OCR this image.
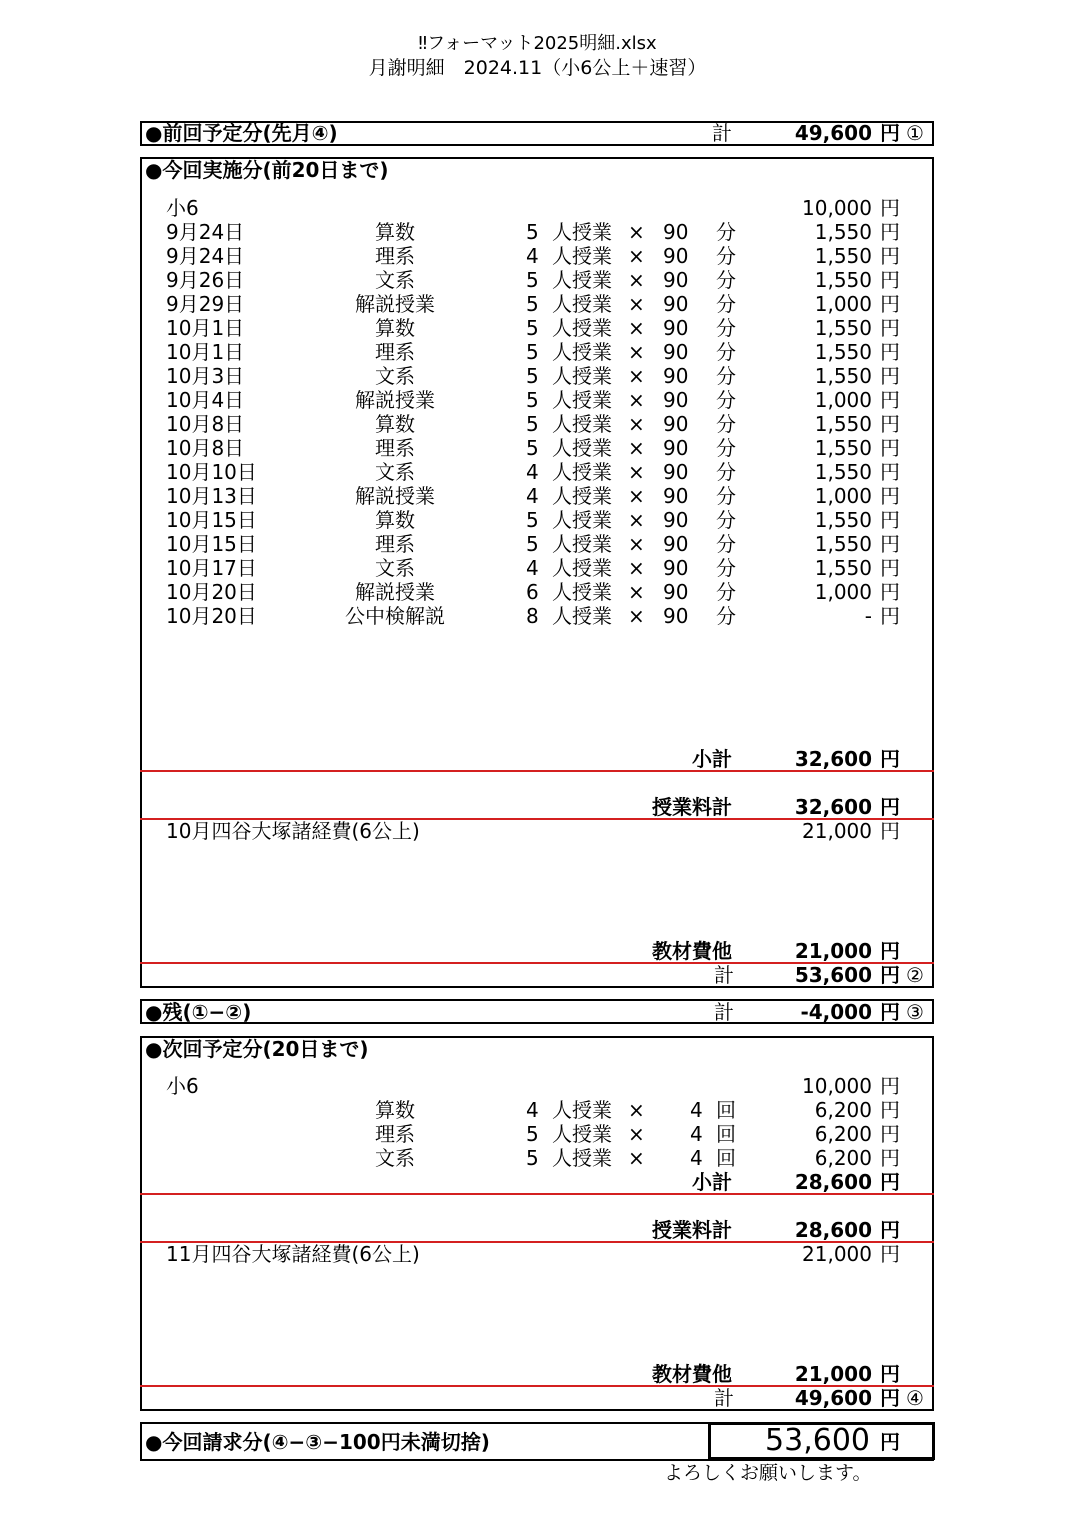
‼フォーマット2025明細.xlsx
月謝明細　2024.11（小6公上＋速習）
●前回予定分(先月④)	計	49,600 円 ①
●今回実施分(前20日まで)
小6	10,000 円
9月24日	算数	5 人授業 × 90 分	1,550 円
9月24日	理系	4 人授業 × 90 分	1,550 円
9月26日	文系	5 人授業 × 90 分	1,550 円
9月29日	解説授業	5 人授業 × 90 分	1,000 円
10月1日	算数	5 人授業 × 90 分	1,550 円
10月1日	理系	5 人授業 × 90 分	1,550 円
10月3日	文系	5 人授業 × 90 分	1,550 円
10月4日	解説授業	5 人授業 × 90 分	1,000 円
10月8日	算数	5 人授業 × 90 分	1,550 円
10月8日	理系	5 人授業 × 90 分	1,550 円
10月10日	文系	4 人授業 × 90 分	1,550 円
10月13日	解説授業	4 人授業 × 90 分	1,000 円
10月15日	算数	5 人授業 × 90 分	1,550 円
10月15日	理系	5 人授業 × 90 分	1,550 円
10月17日	文系	4 人授業 × 90 分	1,550 円
10月20日	解説授業	6 人授業 × 90 分	1,000 円
10月20日	公中検解説	8 人授業 × 90 分	- 円
小計	32,600 円
授業料計	32,600 円
10月四谷大塚諸経費(6公上)	21,000 円
教材費他	21,000 円
計	53,600 円 ②
●残(①−②)	計	-4,000 円 ③
●次回予定分(20日まで)
小6	10,000 円
算数	4 人授業 × 4 回	6,200 円
理系	5 人授業 × 4 回	6,200 円
文系	5 人授業 × 4 回	6,200 円
小計	28,600 円
授業料計	28,600 円
11月四谷大塚諸経費(6公上)	21,000 円
教材費他	21,000 円
計	49,600 円 ④
●今回請求分(④−③−100円未満切捨)	53,600 円
よろしくお願いします。
